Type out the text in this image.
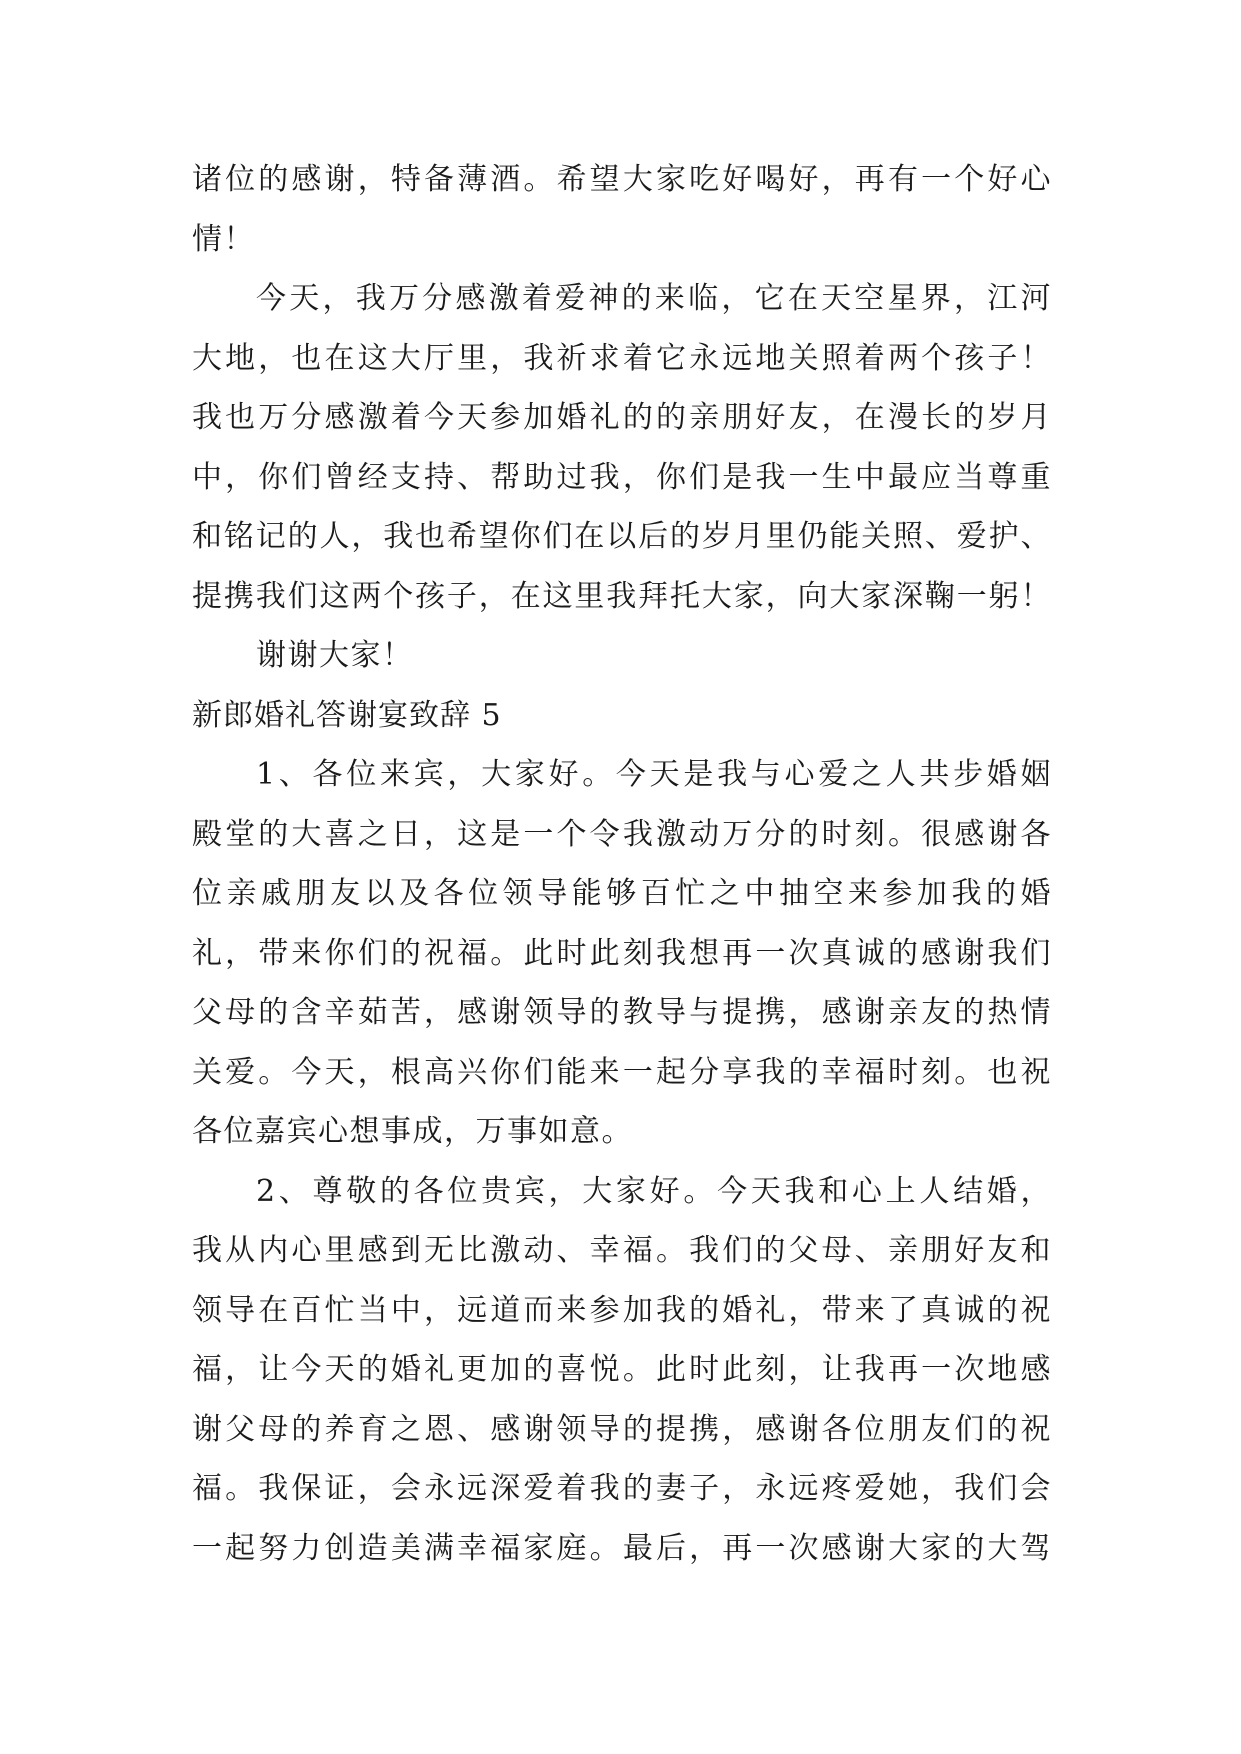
诸位的感谢，特备薄酒。希望大家吃好喝好，再有一个好心
情！
今天，我万分感激着爱神的来临，它在天空星界，江河
大地，也在这大厅里，我祈求着它永远地关照着两个孩子！
我也万分感激着今天参加婚礼的的亲朋好友，在漫长的岁月
中，你们曾经支持、帮助过我，你们是我一生中最应当尊重
和铭记的人，我也希望你们在以后的岁月里仍能关照、爱护、
提携我们这两个孩子，在这里我拜托大家，向大家深鞠一躬！
谢谢大家！
新郎婚礼答谢宴致辞 5
1、各位来宾，大家好。今天是我与心爱之人共步婚姻
殿堂的大喜之日，这是一个令我激动万分的时刻。很感谢各
位亲戚朋友以及各位领导能够百忙之中抽空来参加我的婚
礼，带来你们的祝福。此时此刻我想再一次真诚的感谢我们
父母的含辛茹苦，感谢领导的教导与提携，感谢亲友的热情
关爱。今天，根高兴你们能来一起分享我的幸福时刻。也祝
各位嘉宾心想事成，万事如意。
2、尊敬的各位贵宾，大家好。今天我和心上人结婚，
我从内心里感到无比激动、幸福。我们的父母、亲朋好友和
领导在百忙当中，远道而来参加我的婚礼，带来了真诚的祝
福，让今天的婚礼更加的喜悦。此时此刻，让我再一次地感
谢父母的养育之恩、感谢领导的提携，感谢各位朋友们的祝
福。我保证，会永远深爱着我的妻子，永远疼爱她，我们会
一起努力创造美满幸福家庭。最后，再一次感谢大家的大驾
